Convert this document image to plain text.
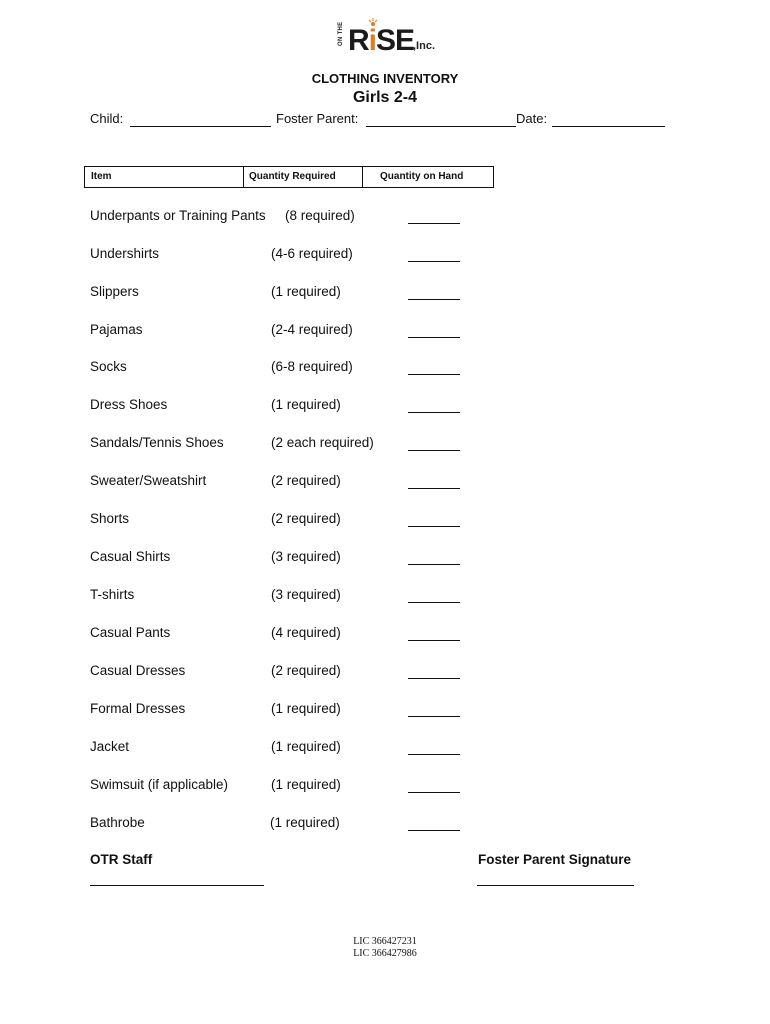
ON THE RiSE
,Inc.
CLOTHING INVENTORY
Girls 2-4
Child:	Foster Parent:	Date:
Item	Quantity Required	Quantity on Hand
Underpants or Training Pants (8 required)
Undershirts	(4-6 required)
Slippers	(1 required)
Pajamas	(2-4 required)
Socks	(6-8 required)
Dress Shoes	(1 required)
Sandals/Tennis Shoes	(2 each required)
Sweater/Sweatshirt	(2 required)
Shorts	(2 required)
Casual Shirts	(3 required)
T-shirts	(3 required)
Casual Pants	(4 required)
Casual Dresses	(2 required)
Formal Dresses	(1 required)
Jacket	(1 required)
Swimsuit (if applicable)	(1 required)
Bathrobe	(1 required)
OTR Staff	Foster Parent Signature
LIC 366427231
LIC 366427986
